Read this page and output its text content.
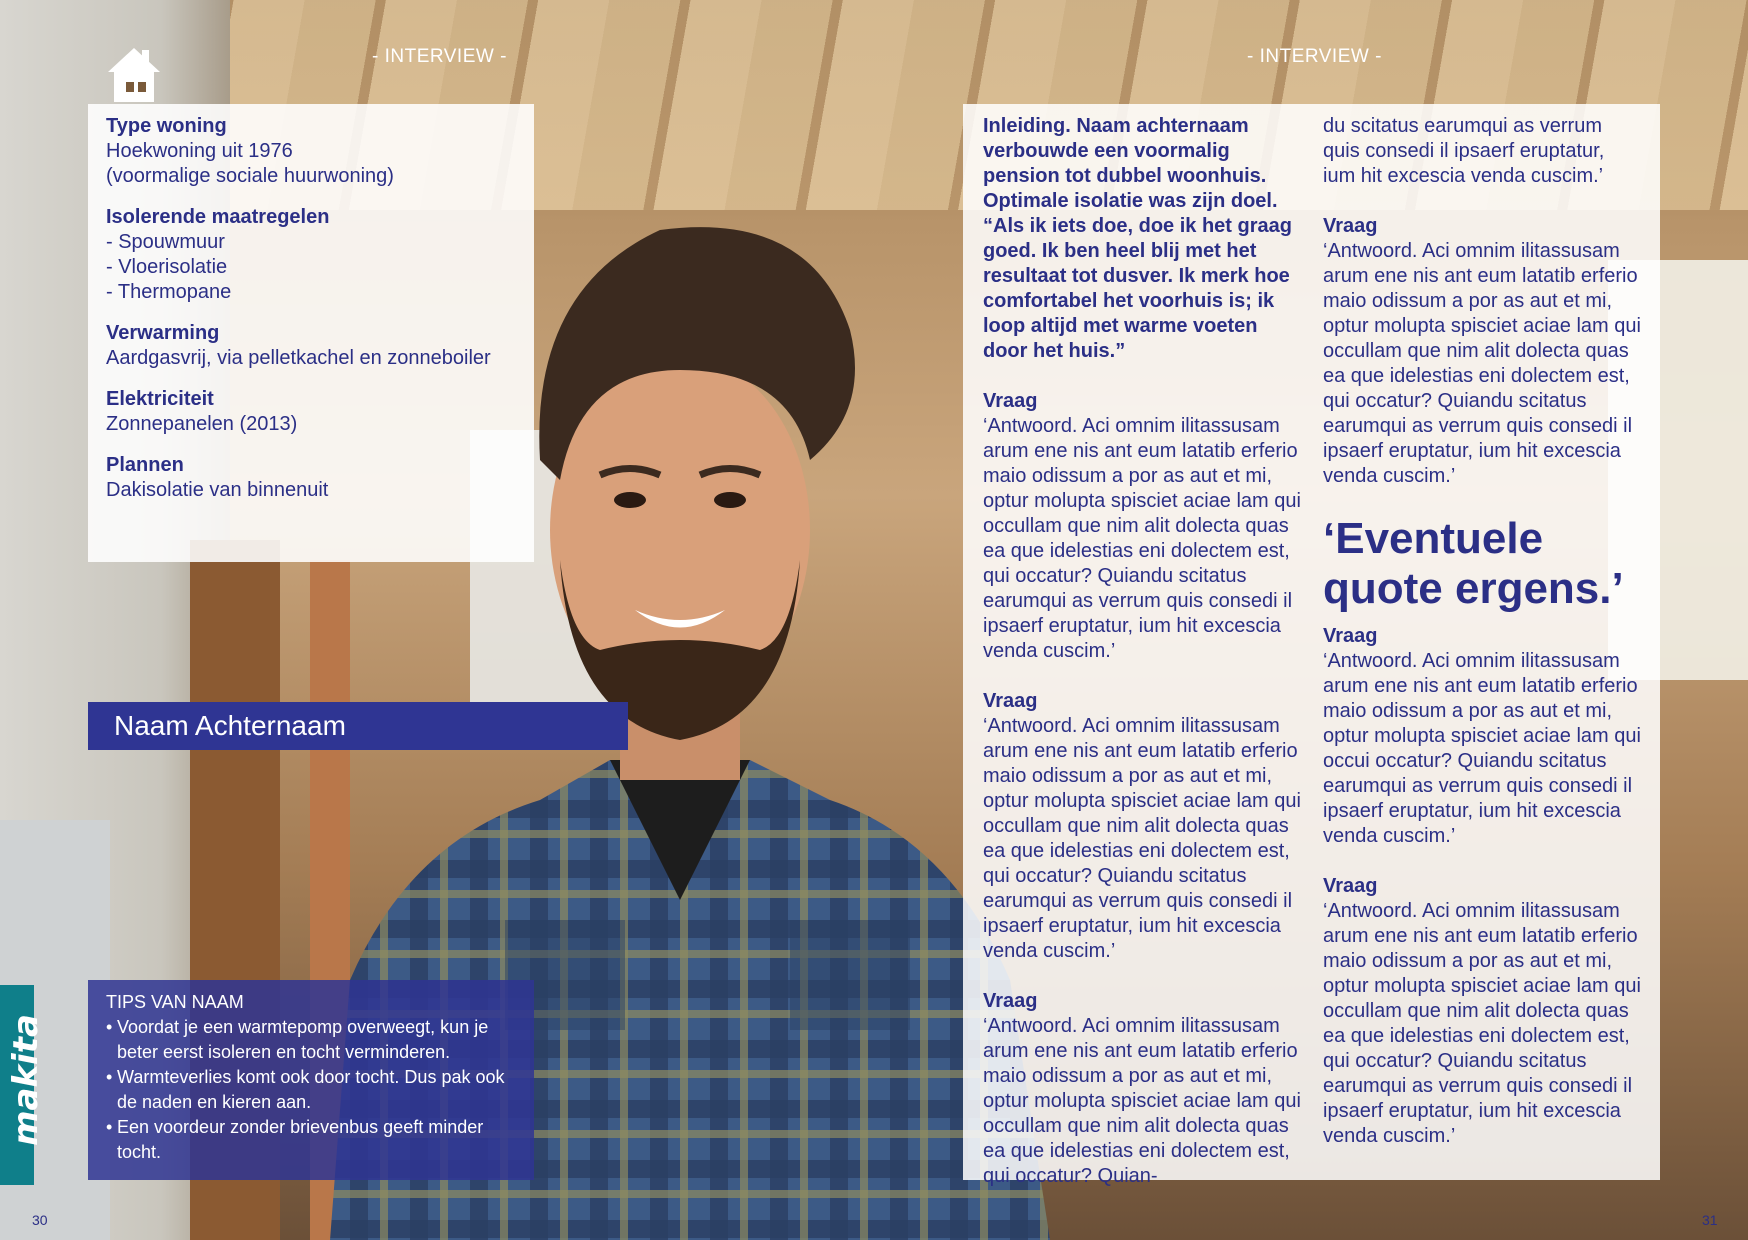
makita
- INTERVIEW -	- INTERVIEW -
Type woning
Hoekwoning uit 1976
(voormalige sociale huurwoning)
Isolerende maatregelen
- Spouwmuur
- Vloerisolatie
- Thermopane
Verwarming
Aardgasvrij, via pelletkachel en zonneboiler
Elektriciteit
Zonnepanelen (2013)
Plannen
Dakisolatie van binnenuit
Naam Achternaam
TIPS VAN NAAM
• Voordat je een warmtepomp overweegt, kun je beter eerst isoleren en tocht verminderen.
• Warmteverlies komt ook door tocht. Dus pak ook de naden en kieren aan.
• Een voordeur zonder brievenbus geeft minder tocht.
30	31
Inleiding. Naam achternaam verbouwde een voormalig pension tot dubbel woonhuis. Optimale isolatie was zijn doel. “Als ik iets doe, doe ik het graag goed. Ik ben heel blij met het resultaat tot dusver. Ik merk hoe comfortabel het voorhuis is; ik loop altijd met warme voeten door het huis.”
Vraag
‘Antwoord. Aci omnim ilitassusam arum ene nis ant eum latatib erferio maio odissum a por as aut et mi, optur molupta spisciet aciae lam qui occullam que nim alit dolecta quas ea que idelestias eni dolectem est, qui occatur? Quiandu scitatus earumqui as verrum quis consedi il ipsaerf eruptatur, ium hit excescia venda cuscim.’
Vraag
‘Antwoord. Aci omnim ilitassusam arum ene nis ant eum latatib erferio maio odissum a por as aut et mi, optur molupta spisciet aciae lam qui occullam que nim alit dolecta quas ea que idelestias eni dolectem est, qui occatur? Quiandu scitatus earumqui as verrum quis consedi il ipsaerf eruptatur, ium hit excescia venda cuscim.’
Vraag
‘Antwoord. Aci omnim ilitassusam arum ene nis ant eum latatib erferio maio odissum a por as aut et mi, optur molupta spisciet aciae lam qui occullam que nim alit dolecta quas ea que idelestias eni dolectem est, qui occatur? Quian-
du scitatus earumqui as verrum quis consedi il ipsaerf eruptatur, ium hit excescia venda cuscim.’
Vraag
‘Antwoord. Aci omnim ilitassusam arum ene nis ant eum latatib erferio maio odissum a por as aut et mi, optur molupta spisciet aciae lam qui occullam que nim alit dolecta quas ea que idelestias eni dolectem est, qui occatur? Quiandu scitatus earumqui as verrum quis consedi il ipsaerf eruptatur, ium hit excescia venda cuscim.’
‘Eventuele quote ergens.’
Vraag
‘Antwoord. Aci omnim ilitassusam arum ene nis ant eum latatib erferio maio odissum a por as aut et mi, optur molupta spisciet aciae lam qui occui occatur? Quiandu scitatus earumqui as verrum quis consedi il ipsaerf eruptatur, ium hit excescia venda cuscim.’
Vraag
‘Antwoord. Aci omnim ilitassusam arum ene nis ant eum latatib erferio maio odissum a por as aut et mi, optur molupta spisciet aciae lam qui occullam que nim alit dolecta quas ea que idelestias eni dolectem est, qui occatur? Quiandu scitatus earumqui as verrum quis consedi il ipsaerf eruptatur, ium hit excescia venda cuscim.’
